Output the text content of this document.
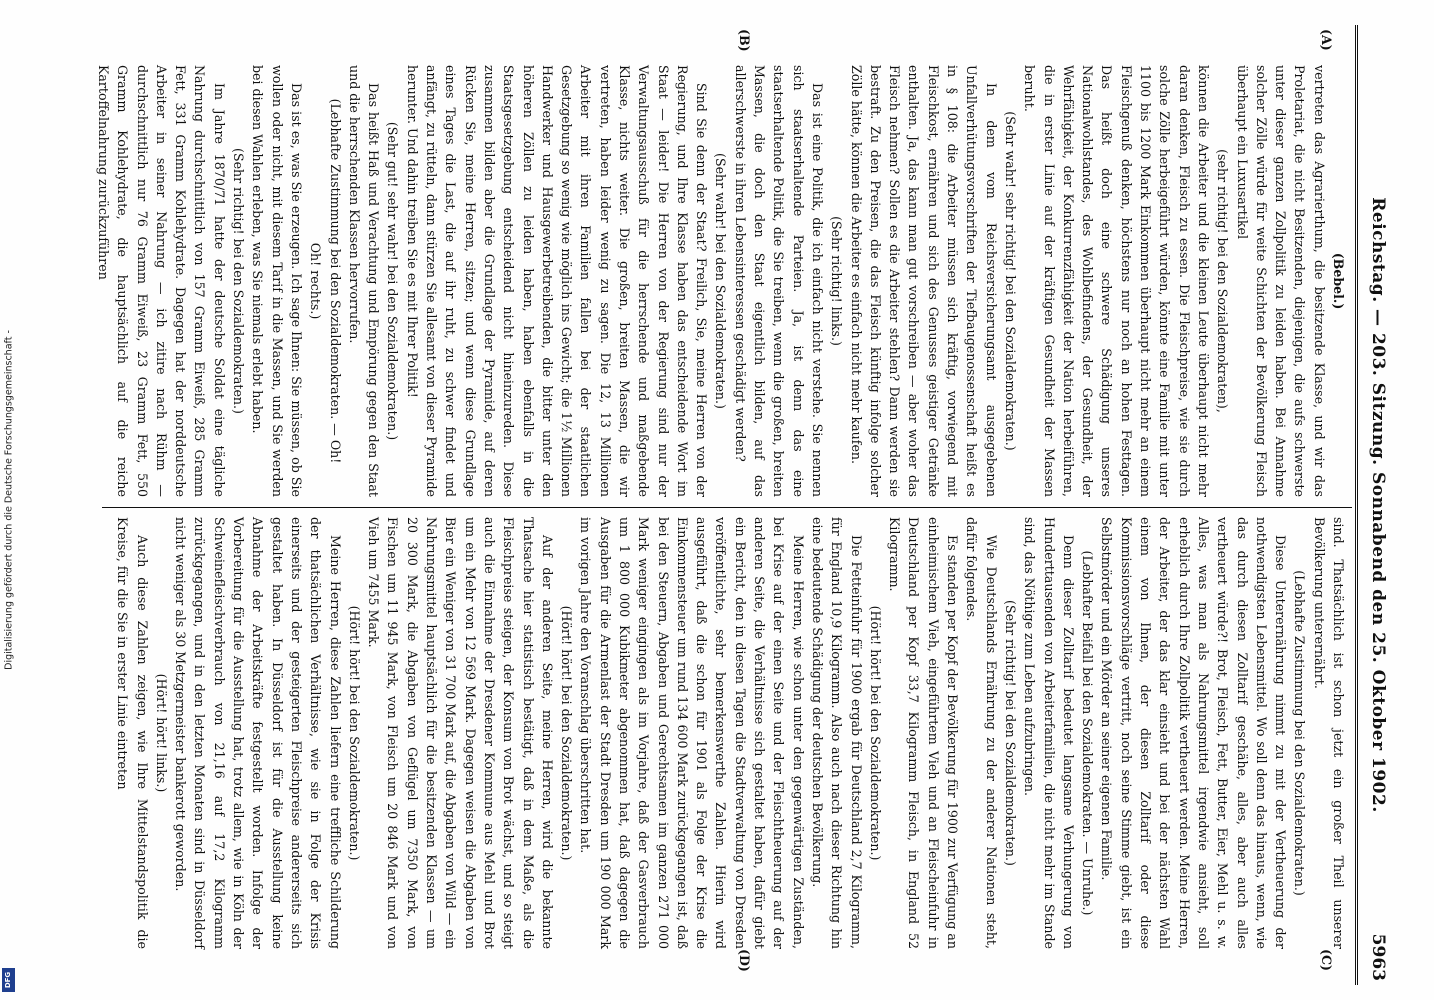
Digitalisierung gefördert durch die Deutsche Forschungsgemeinschaft -
DFG
Reichstag. — 203. Sitzung. Sonnabend den 25. Oktober 1902.
5963
(A)
(B)
(C)
(D)

(Bebel.)

vertreten das Agrarierthum, die besitzende Klasse, und wir das Proletariat, die nicht Besitzenden, diejenigen, die aufs schwerste unter dieser ganzen Zollpolitik zu leiden haben. Bei Annahme solcher Zölle würde für weite Schichten der Bevölkerung Fleisch überhaupt ein Luxusartikel

(sehr richtig! bei den Sozialdemokraten),

können die Arbeiter und die kleinen Leute überhaupt nicht mehr daran denken, Fleisch zu essen. Die Fleischpreise, wie sie durch solche Zölle herbeigeführt würden, könnte eine Familie mit unter 1100 bis 1200 Mark Einkommen überhaupt nicht mehr an einem Fleischgenuß denken, höchstens nur noch an hohen Festtagen. Das heißt doch eine schwere Schädigung unseres Nationalwohlstandes, des Wohlbefindens, der Gesundheit, der Wehrfähigkeit, der Konkurrenzfähigkeit der Nation herbeiführen, die in erster Linie auf der kräftigen Gesundheit der Massen beruht.

(Sehr wahr! sehr richtig! bei den Sozialdemokraten.)

In dem vom Reichsversicherungsamt ausgegebenen Unfallverhütungsvorschriften der Tiefbaugenossenschaft heißt es in § 108: die Arbeiter müssen sich kräftig, vorwiegend mit Fleischkost, ernähren und sich des Genusses geistiger Getränke enthalten. Ja, das kann man gut vorschreiben — aber woher das Fleisch nehmen? Sollen es die Arbeiter stehlen? Dann werden sie bestraft. Zu den Preisen, die das Fleisch künftig infolge solcher Zölle hätte, können die Arbeiter es einfach nicht mehr kaufen.

(Sehr richtig! links.)

Das ist eine Politik, die ich einfach nicht verstehe. Sie nennen sich staatserhaltende Parteien. Ja, ist denn das eine staatserhaltende Politik, die Sie treiben, wenn die großen, breiten Massen, die doch den Staat eigentlich bilden, auf das allerschwerste in ihren Lebensinteressen geschädigt werden?

(Sehr wahr! bei den Sozialdemokraten.)

Sind Sie denn der Staat? Freilich, Sie, meine Herren von der Regierung, und Ihre Klasse haben das entscheidende Wort im Staat — leider! Die Herren von der Regierung sind nur der Verwaltungsausschuß für die herrschende und maßgebende Klasse, nichts weiter. Die großen, breiten Massen, die wir vertreten, haben leider wenig zu sagen. Die 12, 13 Millionen Arbeiter mit ihren Familien fallen bei der staatlichen Gesetzgebung so wenig wie möglich ins Gewicht; die 1½ Millionen Handwerker und Hausgewerbetreibenden, die bitter unter den höheren Zöllen zu leiden haben, haben ebenfalls in die Staatsgesetzgebung entscheidend nicht hineinzureden. Diese zusammen bilden aber die Grundlage der Pyramide, auf deren Rücken Sie, meine Herren, sitzen; und wenn diese Grundlage eines Tages die Last, die auf ihr ruht, zu schwer findet und anfängt, zu rütteln, dann stürzen Sie allesamt von dieser Pyramide herunter. Und dahin treiben Sie es mit Ihrer Politik!

(Sehr gut! sehr wahr! bei den Sozialdemokraten.)

Das heißt Haß und Verachtung und Empörung gegen den Staat und die herrschenden Klassen hervorrufen.

(Lebhafte Zustimmung bei den Sozialdemokraten. — Oh! Oh! rechts.)

Das ist es, was Sie erzeugen. Ich sage Ihnen: Sie müssen, ob Sie wollen oder nicht, mit diesem Tarif in die Massen, und Sie werden bei diesen Wahlen erleben, was Sie niemals erlebt haben.

(Sehr richtig! bei den Sozialdemokraten.)

Im Jahre 1870/71 hatte der deutsche Soldat eine tägliche Nahrung durchschnittlich von 157 Gramm Eiweiß, 285 Gramm Fett, 331 Gramm Kohlehydrate. Dagegen hat der norddeutsche Arbeiter in seiner Nahrung — ich zitire nach Rühm — durchschnittlich nur 76 Gramm Eiweiß, 23 Gramm Fett, 550 Gramm Kohlehydrate, die hauptsächlich auf die reiche Kartoffelnahrung zurückzuführen

sind. Thatsächlich ist schon jetzt ein großer Theil unserer Bevölkerung unterernährt.

(Lebhafte Zustimmung bei den Sozialdemokraten.)

Diese Unterernährung nimmt zu mit der Vertheuerung der nothwendigsten Lebensmittel. Wo soll denn das hinaus, wenn, wie das durch diesen Zolltarif geschähe, alles, aber auch alles vertheuert würde?! Brot, Fleisch, Fett, Butter, Eier, Mehl u. s. w. Alles, was man als Nahrungsmittel irgendwie ansieht, soll erheblich durch Ihre Zollpolitik vertheuert werden. Meine Herren, der Arbeiter, der das klar einsieht und bei der nächsten Wahl einem von Ihnen, der diesen Zolltarif oder diese Kommissionsvorschläge vertritt, noch seine Stimme giebt, ist ein Selbstmörder und ein Mörder an seiner eigenen Familie.

(Lebhafter Beifall bei den Sozialdemokraten. — Unruhe.)

Denn dieser Zolltarif bedeutet langsame Verhungerung von Hunderttausenden von Arbeiterfamilien, die nicht mehr im Stande sind, das Nöthige zum Leben aufzubringen.

(Sehr richtig! bei den Sozialdemokraten.)

Wie Deutschlands Ernährung zu der anderer Nationen steht, dafür folgendes.

Es standen per Kopf der Bevölkerung für 1900 zur Verfügung an einheimischem Vieh, eingeführtem Vieh und an Fleischeinfuhr in Deutschland per Kopf 33,7 Kilogramm Fleisch, in England 52 Kilogramm.

(Hört! hört! bei den Sozialdemokraten.)

Die Fetteinfuhr für 1900 ergab für Deutschland 2,7 Kilogramm, für England 10,9 Kilogramm. Also auch nach dieser Richtung hin eine bedeutende Schädigung der deutschen Bevölkerung.

Meine Herren, wie schon unter den gegenwärtigen Zuständen, bei Krise auf der einen Seite und der Fleischtheuerung auf der anderen Seite, die Verhältnisse sich gestaltet haben, dafür giebt ein Bericht, den in diesen Tagen die Stadtverwaltung von Dresden veröffentlichte, sehr bemerkenswerthe Zahlen. Hierin wird ausgeführt, daß die schon für 1901 als Folge der Krise die Einkommensteuer um rund 134 600 Mark zurückgegangen ist, daß bei den Steuern, Abgaben und Gerechtsamen im ganzen 271 000 Mark weniger eingingen als im Vorjahre, daß der Gasverbrauch um 1 800 000 Kubikmeter abgenommen hat, daß dagegen die Ausgaben für die Armenlast der Stadt Dresden um 190 000 Mark im vorigen Jahre den Voranschlag überschritten hat.

(Hört! hört! bei den Sozialdemokraten.)

Auf der anderen Seite, meine Herren, wird die bekannte Thatsache hier statistisch bestätigt, daß in dem Maße, als die Fleischpreise steigen, der Konsum von Brot wächst, und so steigt auch die Einnahme der Dresdener Kommune aus Mehl und Brot um ein Mehr von 12 569 Mark. Dagegen weisen die Abgaben von Bier ein Weniger von 31 700 Mark auf, die Abgaben von Wild — ein Nahrungsmittel hauptsächlich für die besitzenden Klassen — um 20 300 Mark, die Abgaben von Geflügel um 7350 Mark, von Fischen um 11 945 Mark, von Fleisch um 20 846 Mark und von Vieh um 7455 Mark.

(Hört! hört! bei den Sozialdemokraten.)

Meine Herren, diese Zahlen liefern eine treffliche Schilderung der thatsächlichen Verhältnisse, wie sie in Folge der Krisis einerseits und der gesteigerten Fleischpreise andererseits sich gestaltet haben. In Düsseldorf ist für die Ausstellung keine Abnahme der Arbeitskräfte festgestellt worden. Infolge der Vorbereitung für die Ausstellung hat, trotz allem, wie in Köln der Schweinefleischverbrauch von 21,16 auf 17,2 Kilogramm zurückgegangen, und in den letzten Monaten sind in Düsseldorf nicht weniger als 30 Metzgermeister bankerott geworden.

(Hört! hört! links.)

Auch diese Zahlen zeigen, wie Ihre Mittelstandspolitik die Kreise, für die Sie in erster Linie eintreten
